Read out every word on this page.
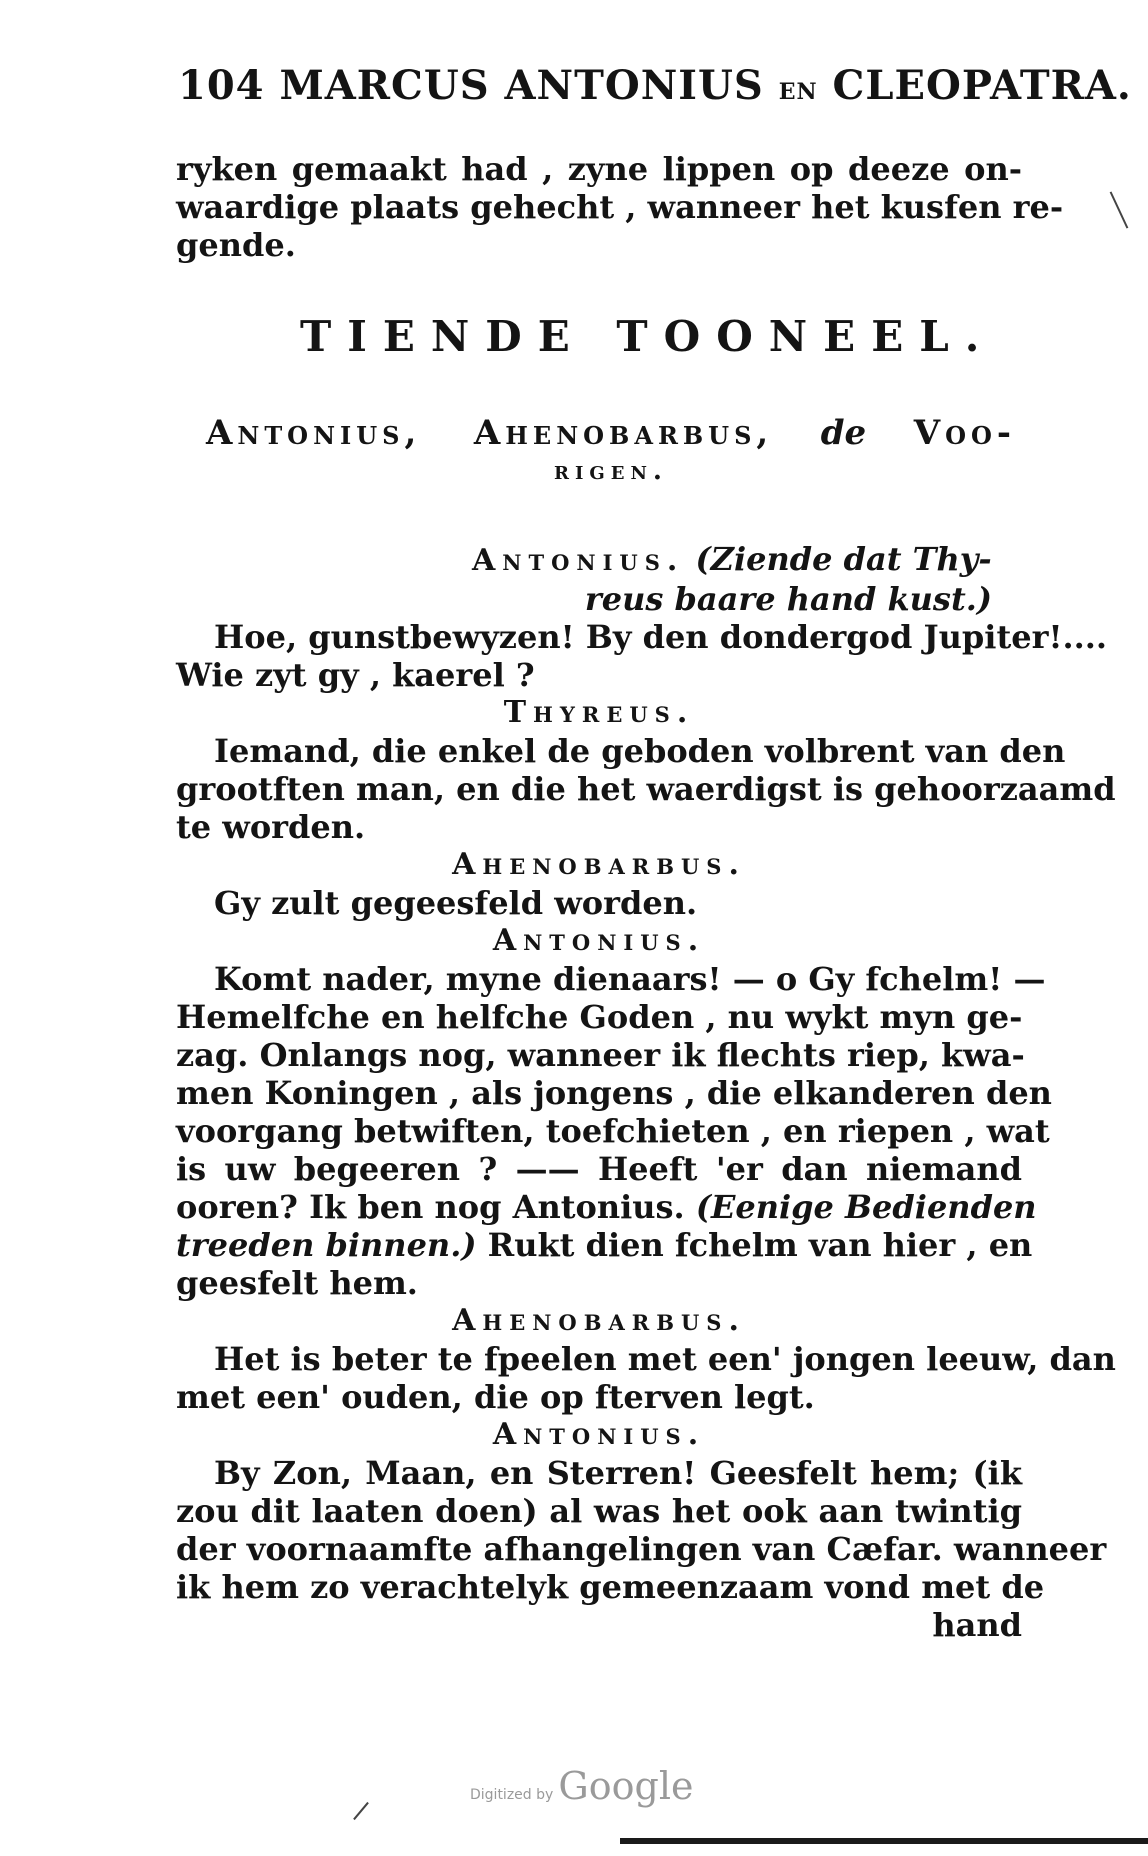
104 MARCUS ANTONIUS EN CLEOPATRA.
ryken gemaakt had , zyne lippen op deeze on-
waardige plaats gehecht , wanneer het kusfen re-
gende.
TIENDE TOONEEL.
Antonius, Ahenobarbus, de Voo-
rigen.
Antonius. (Ziende dat Thy-
reus baare hand kust.)
Hoe, gunstbewyzen! By den dondergod Jupiter!....
Wie zyt gy , kaerel ?
Thyreus.
Iemand, die enkel de geboden volbrent van den
grootften man, en die het waerdigst is gehoorzaamd
te worden.
Ahenobarbus.
Gy zult gegeesfeld worden.
Antonius.
Komt nader, myne dienaars! — o Gy fchelm! —
Hemelfche en helfche Goden , nu wykt myn ge-
zag. Onlangs nog, wanneer ik flechts riep, kwa-
men Koningen , als jongens , die elkanderen den
voorgang betwiften, toefchieten , en riepen , wat
is uw begeeren ? —— Heeft 'er dan niemand
ooren? Ik ben nog Antonius. (Eenige Bedienden
treeden binnen.) Rukt dien fchelm van hier , en
geesfelt hem.
Ahenobarbus.
Het is beter te fpeelen met een' jongen leeuw, dan
met een' ouden, die op fterven legt.
Antonius.
By Zon, Maan, en Sterren! Geesfelt hem; (ik
zou dit laaten doen) al was het ook aan twintig
der voornaamfte afhangelingen van Cæfar. wanneer
ik hem zo verachtelyk gemeenzaam vond met de
hand
Digitized by Google
